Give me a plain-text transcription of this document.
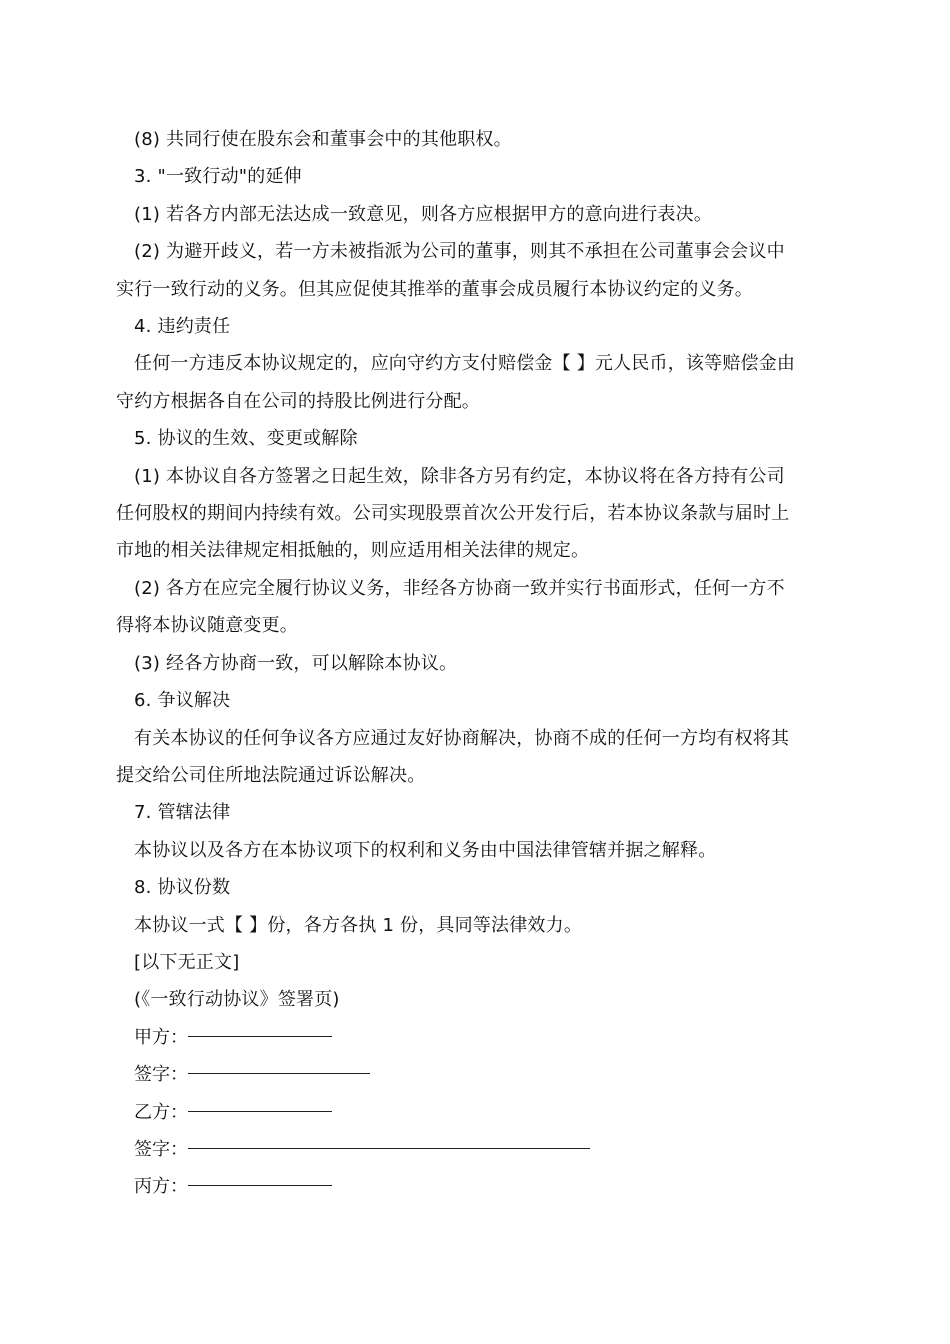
(8) 共同行使在股东会和董事会中的其他职权。
3. "一致行动"的延伸
(1) 若各方内部无法达成一致意见，则各方应根据甲方的意向进行表决。
(2) 为避开歧义，若一方未被指派为公司的董事，则其不承担在公司董事会会议中
实行一致行动的义务。但其应促使其推举的董事会成员履行本协议约定的义务。
4. 违约责任
任何一方违反本协议规定的，应向守约方支付赔偿金【 】元人民币，该等赔偿金由
守约方根据各自在公司的持股比例进行分配。
5. 协议的生效、变更或解除
(1) 本协议自各方签署之日起生效，除非各方另有约定，本协议将在各方持有公司
任何股权的期间内持续有效。公司实现股票首次公开发行后，若本协议条款与届时上
市地的相关法律规定相抵触的，则应适用相关法律的规定。
(2) 各方在应完全履行协议义务，非经各方协商一致并实行书面形式，任何一方不
得将本协议随意变更。
(3) 经各方协商一致，可以解除本协议。
6. 争议解决
有关本协议的任何争议各方应通过友好协商解决，协商不成的任何一方均有权将其
提交给公司住所地法院通过诉讼解决。
7. 管辖法律
本协议以及各方在本协议项下的权利和义务由中国法律管辖并据之解释。
8. 协议份数
本协议一式【 】份，各方各执 1 份，具同等法律效力。
[以下无正文]
(《一致行动协议》签署页)
甲方：
签字：
乙方：
签字：
丙方：
